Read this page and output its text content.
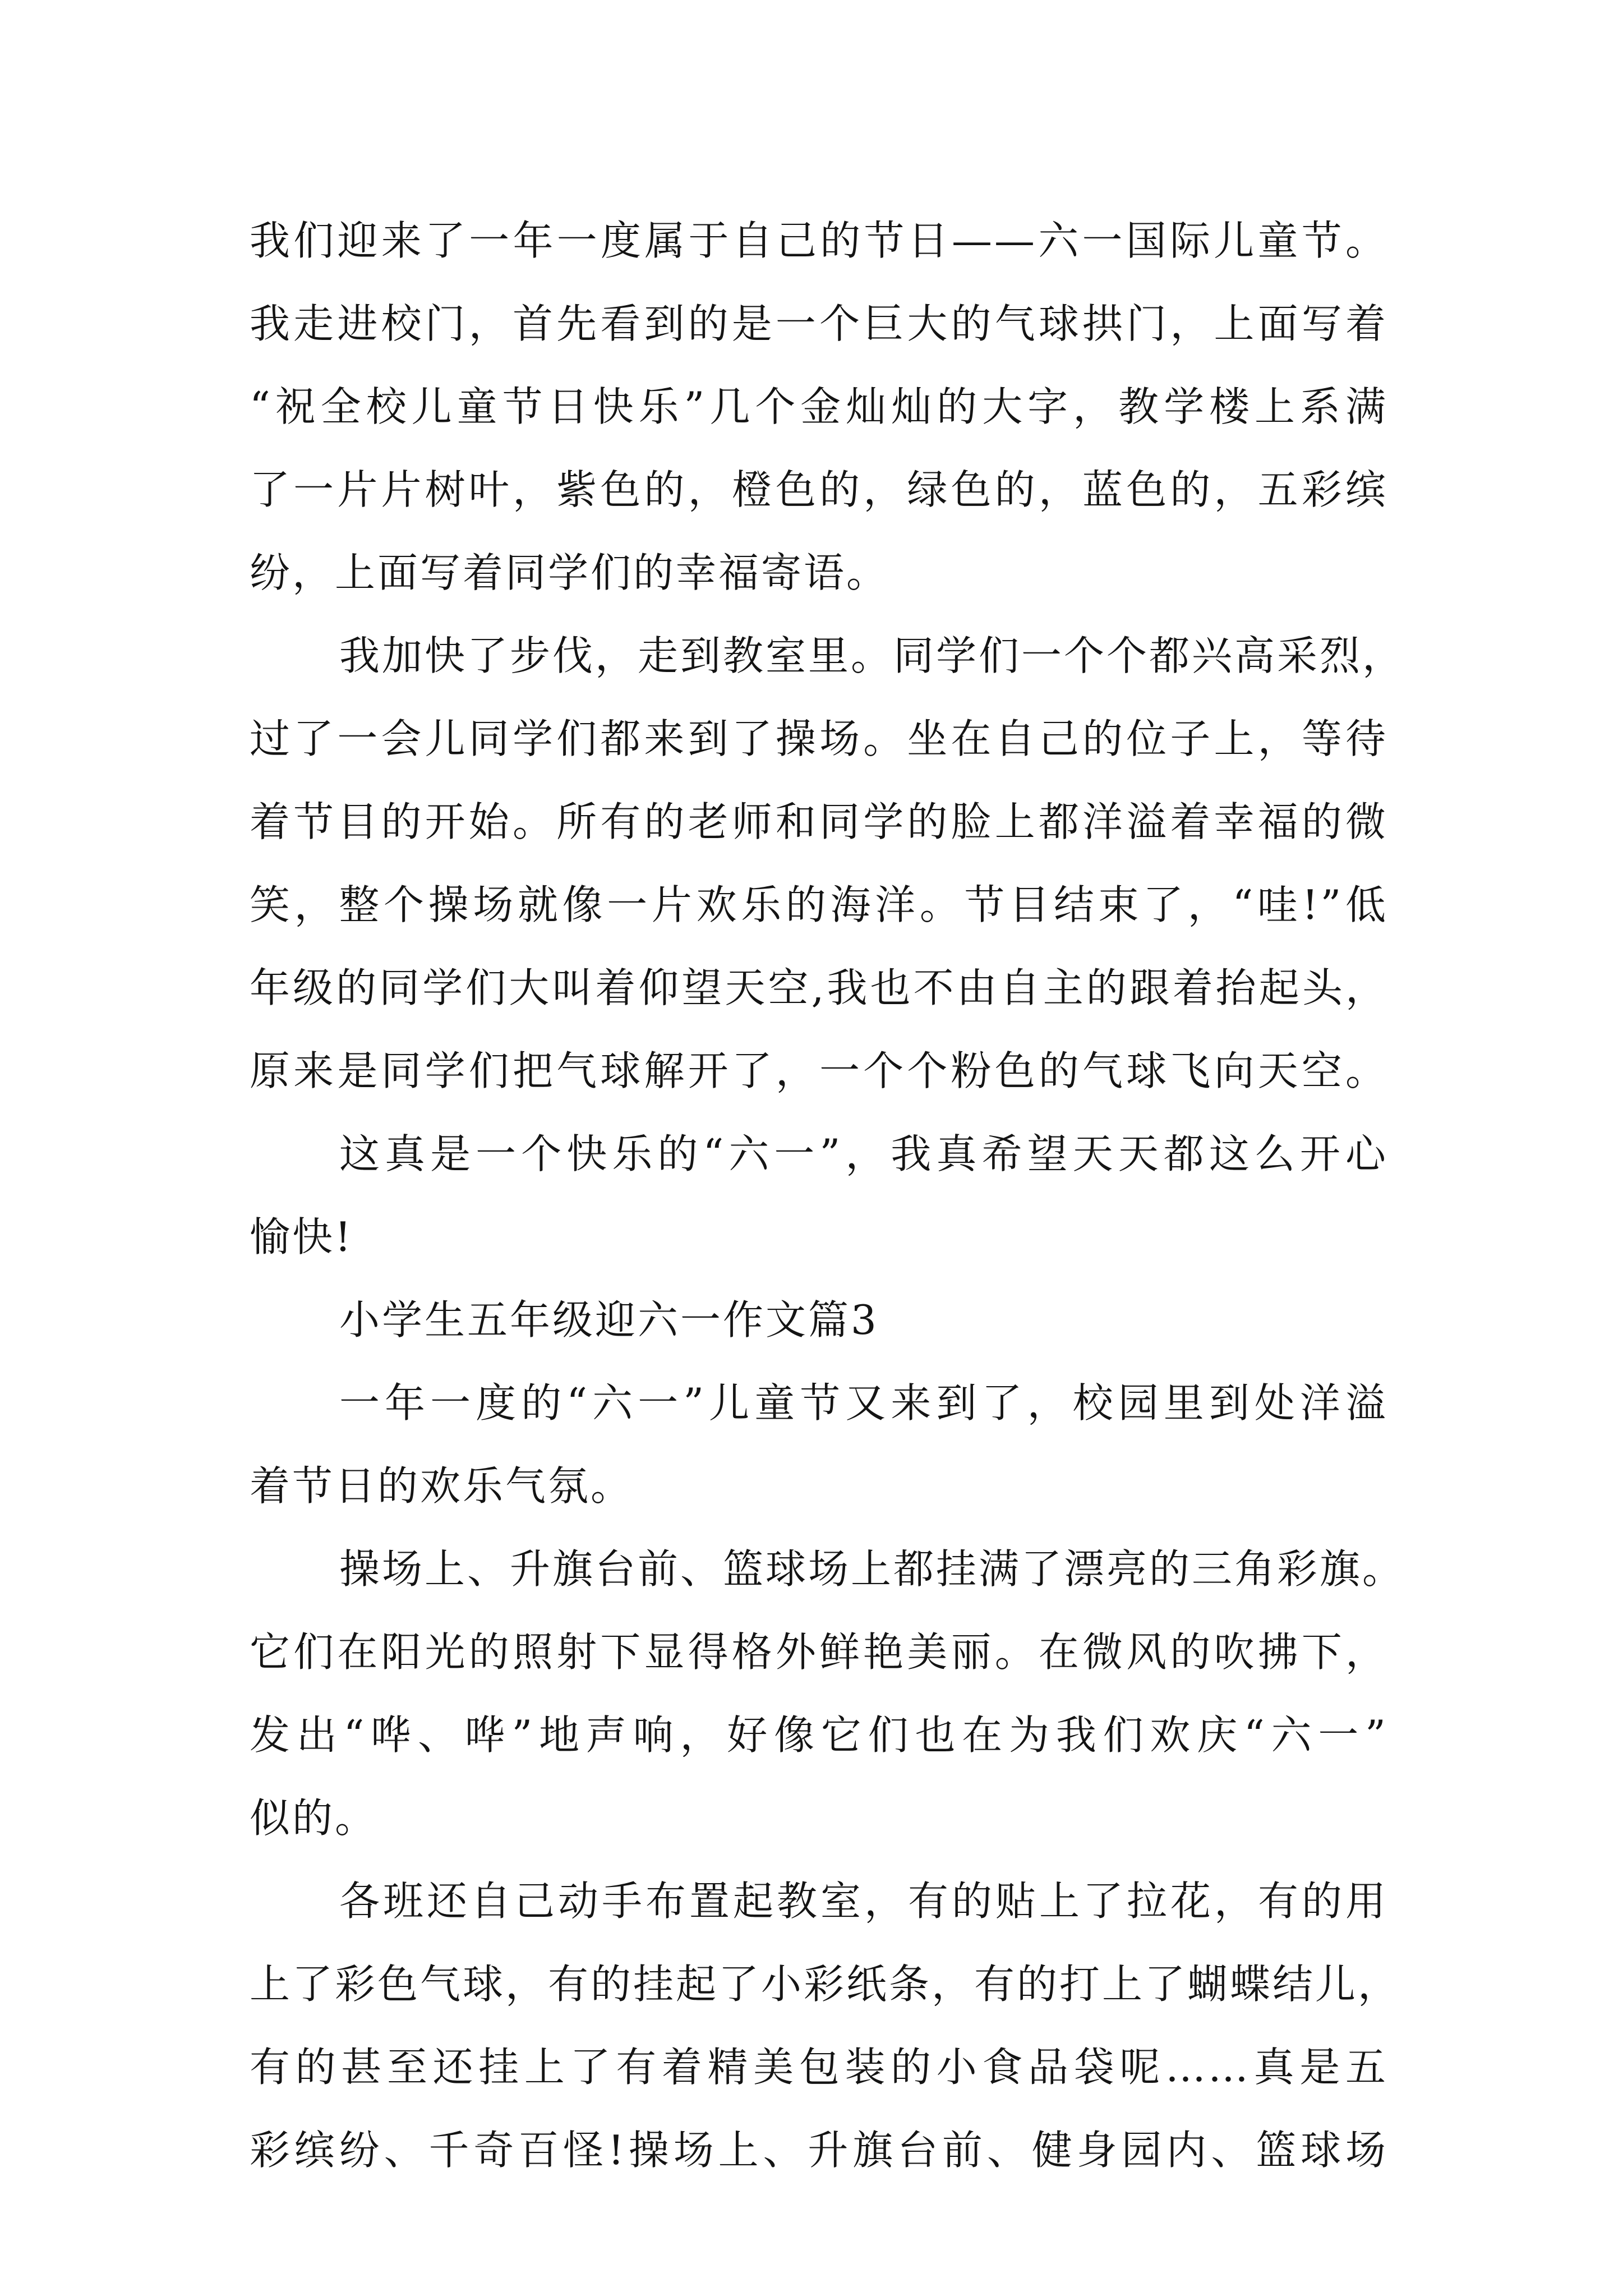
我们迎来了一年一度属于自己的节日——六一国际儿童节。
我走进校门，首先看到的是一个巨大的气球拱门，上面写着
“祝全校儿童节日快乐”几个金灿灿的大字，教学楼上系满
了一片片树叶，紫色的，橙色的，绿色的，蓝色的，五彩缤
纷，上面写着同学们的幸福寄语。
我加快了步伐，走到教室里。同学们一个个都兴高采烈，
过了一会儿同学们都来到了操场。坐在自己的位子上，等待
着节目的开始。所有的老师和同学的脸上都洋溢着幸福的微
笑，整个操场就像一片欢乐的海洋。节目结束了，“哇!”低
年级的同学们大叫着仰望天空,我也不由自主的跟着抬起头，
原来是同学们把气球解开了，一个个粉色的气球飞向天空。
这真是一个快乐的“六一”，我真希望天天都这么开心
愉快!
小学生五年级迎六一作文篇3
一年一度的“六一”儿童节又来到了，校园里到处洋溢
着节日的欢乐气氛。
操场上、升旗台前、篮球场上都挂满了漂亮的三角彩旗。
它们在阳光的照射下显得格外鲜艳美丽。在微风的吹拂下，
发出“哗、哗”地声响，好像它们也在为我们欢庆“六一”
似的。
各班还自己动手布置起教室，有的贴上了拉花，有的用
上了彩色气球，有的挂起了小彩纸条，有的打上了蝴蝶结儿，
有的甚至还挂上了有着精美包装的小食品袋呢……真是五
彩缤纷、千奇百怪!操场上、升旗台前、健身园内、篮球场
